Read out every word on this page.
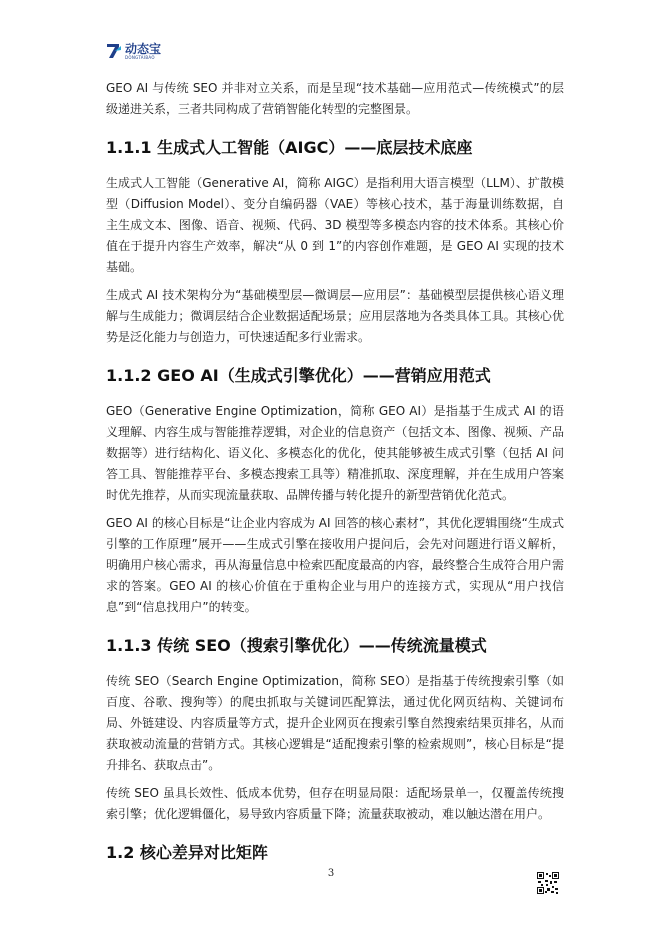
动态宝
DONGTAIBAO

GEO AI 与传统 SEO 并非对立关系，而是呈现“技术基础—应用范式—传统模式”的层级递进关系，三者共同构成了营销智能化转型的完整图景。

1.1.1 生成式人工智能（AIGC）——底层技术底座

生成式人工智能（Generative AI，简称 AIGC）是指利用大语言模型（LLM）、扩散模型（Diffusion Model）、变分自编码器（VAE）等核心技术，基于海量训练数据，自主生成文本、图像、语音、视频、代码、3D 模型等多模态内容的技术体系。其核心价值在于提升内容生产效率，解决“从 0 到 1”的内容创作难题，是 GEO AI 实现的技术基础。

生成式 AI 技术架构分为“基础模型层—微调层—应用层”：基础模型层提供核心语义理解与生成能力；微调层结合企业数据适配场景；应用层落地为各类具体工具。其核心优势是泛化能力与创造力，可快速适配多行业需求。

1.1.2 GEO AI（生成式引擎优化）——营销应用范式

GEO（Generative Engine Optimization，简称 GEO AI）是指基于生成式 AI 的语义理解、内容生成与智能推荐逻辑，对企业的信息资产（包括文本、图像、视频、产品数据等）进行结构化、语义化、多模态化的优化，使其能够被生成式引擎（包括 AI 问答工具、智能推荐平台、多模态搜索工具等）精准抓取、深度理解，并在生成用户答案时优先推荐，从而实现流量获取、品牌传播与转化提升的新型营销优化范式。

GEO AI 的核心目标是“让企业内容成为 AI 回答的核心素材”，其优化逻辑围绕“生成式引擎的工作原理”展开——生成式引擎在接收用户提问后，会先对问题进行语义解析，明确用户核心需求，再从海量信息中检索匹配度最高的内容，最终整合生成符合用户需求的答案。GEO AI 的核心价值在于重构企业与用户的连接方式，实现从“用户找信息”到“信息找用户”的转变。

1.1.3 传统 SEO（搜索引擎优化）——传统流量模式

传统 SEO（Search Engine Optimization，简称 SEO）是指基于传统搜索引擎（如百度、谷歌、搜狗等）的爬虫抓取与关键词匹配算法，通过优化网页结构、关键词布局、外链建设、内容质量等方式，提升企业网页在搜索引擎自然搜索结果页排名，从而获取被动流量的营销方式。其核心逻辑是“适配搜索引擎的检索规则”，核心目标是“提升排名、获取点击”。

传统 SEO 虽具长效性、低成本优势，但存在明显局限：适配场景单一，仅覆盖传统搜索引擎；优化逻辑僵化，易导致内容质量下降；流量获取被动，难以触达潜在用户。

1.2 核心差异对比矩阵
3
